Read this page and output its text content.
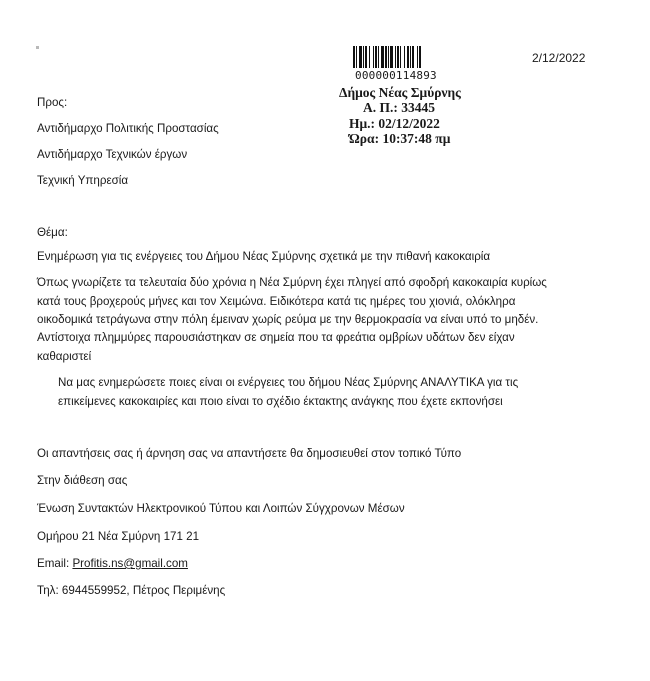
2/12/2022
000000114893
Δήμος Νέας Σμύρνης
Α. Π.: 33445
Ημ.: 02/12/2022
Ώρα: 10:37:48 πμ
Προς:
Αντιδήμαρχο Πολιτικής Προστασίας
Αντιδήμαρχο Τεχνικών έργων
Τεχνική Υπηρεσία
Θέμα:
Ενημέρωση για τις ενέργειες του Δήμου Νέας Σμύρνης σχετικά με την πιθανή κακοκαιρία
Όπως γνωρίζετε τα τελευταία δύο χρόνια η Νέα Σμύρνη έχει πληγεί από σφοδρή κακοκαιρία κυρίως
κατά τους βροχερούς μήνες και τον Χειμώνα. Ειδικότερα κατά τις ημέρες του χιονιά, ολόκληρα
οικοδομικά τετράγωνα στην πόλη έμειναν χωρίς ρεύμα με την θερμοκρασία να είναι υπό το μηδέν.
Αντίστοιχα πλημμύρες παρουσιάστηκαν σε σημεία που τα φρεάτια ομβρίων υδάτων δεν είχαν
καθαριστεί
Να μας ενημερώσετε ποιες είναι οι ενέργειες του δήμου Νέας Σμύρνης ΑΝΑΛΥΤΙΚΑ για τις
επικείμενες κακοκαιρίες και ποιο είναι το σχέδιο έκτακτης ανάγκης που έχετε εκπονήσει
Οι απαντήσεις σας ή άρνηση σας να απαντήσετε θα δημοσιευθεί στον τοπικό Τύπο
Στην διάθεση σας
Ένωση Συντακτών Ηλεκτρονικού Τύπου και Λοιπών Σύγχρονων Μέσων
Ομήρου 21 Νέα Σμύρνη 171 21
Email: Profitis.ns@gmail.com
Τηλ: 6944559952, Πέτρος Περιμένης
